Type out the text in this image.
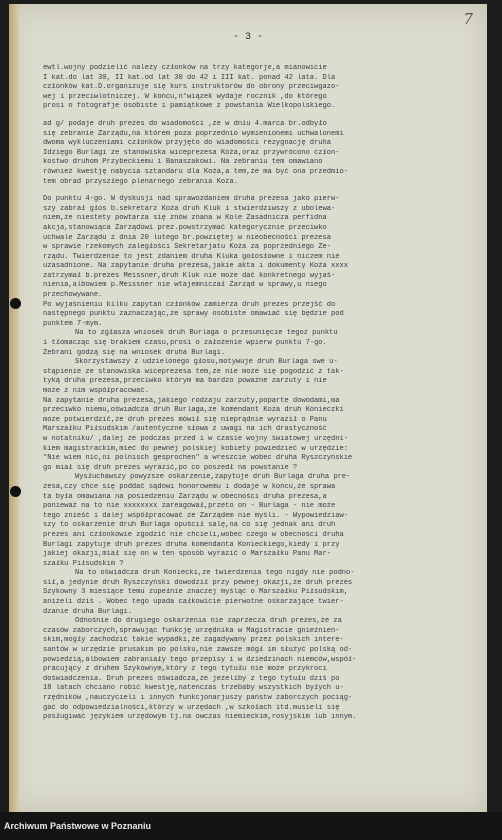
- 3 -
7
ewtl.wojny podzielić należy członków na trzy kategorje,a mianowicie
I kat.do lat 30, II kat.od lat 30 do 42 i III kat. ponad 42 lata. Dla
członków kat.D.organizuje się kurs instruktorów do obrony przeciwgazo-
wej i przeciwlotniczej. W końcu,n°wiązek wydaje rocznik ,do którego
prosi o fotografje osobiste i pamiątkowe z powstania Wielkopolskiego.
ad g/ podaje druh prezes do wiadomości ,że w dniu 4.marca br.odbyło
się zebranie Zarządu,na którem poza poprzednio wymienionemi uchwalonemi
dwoma wykluczeniami członków przyjęto do wiadomości rezygnację druha
Idzięgo Burlagi ze stanowiska wiceprezesa Koźa,oraz przywrócono człon-
kostwo druhom Przybeckiemu i Banaszakowi. Na zebraniu tem omawiano
również kwestję nabycia sztandaru dla Koźa,a tem,że ma być ona przedmio-
tem obrad przyszłego plenarnego zebrania Koźa.
Do punktu 4-go. W dyskusji nad sprawozdaniem druha prezesa jako pierw-
szy zabrał głos b.sekretarz Koźa druh Kluk i stwierdziwszy z ubolewa-
niem,że niestety powtarza się znów znana w Kole Zasadnicza perfidna
akcja,stanowiąca Zarządowi prez.powstrzymać kategorycznie przeciwko
uchwale Zarządu z dnia 20 lutego br.powziętej w nieobecności prezesa
w sprawie rzekomych zaległości Sekretarjatu Koźa za poprzedniego Ze-
rządu. Twierdzenie to jest zdaniem druha Kluka gołosłowne i niczem nie
uzasadnione. Na zapytanie druha prezesa,jakie akta i dokumenty Koźa xxxx
zatrzymał b.prezes Meissner,druh Kluk nie może dać konkretnego wyjaś-
nienia,albowiem p.Meissner nie wtajemniczał Zarząd w sprawy,u niego
przechowywane.
Po wyjaśnieniu kilku zapytań członków zamierza druh prezes przejść do
następnego punktu zaznaczając,że sprawy osobiste omawiać się będzie pod
punktem 7-mym.
Na to zgłasza wniosek druh Burlaga o przesunięcie tegoż punktu
i tłomacząc się brakiem czasu,prosi o założenie wpierw punktu 7-go.
Zebrani godzą się na wniosek druha Burlagi.
Skorzystawszy z udzielonego głosu,motywuje druh Burlaga swe u-
stąpienie ze stanowiska wiceprezesa tem,że nie może się pogodzić z tak-
tyką druha prezesa,przeciwko którym ma bardzo poważne zarzuty i nie
może z nim współpracować.
Na zapytanie druha prezesa,jakiego rodzaju zarzuty,poparte dowodami,ma
przeciwko niemu,oświadcza druh Burlaga,że komendant Koźa druh Konieczki
może potwierdzić,że druh prezes mówił się nieprądnie wyraził o Panu
Marszałku Piłsudskim /autentyczne słowa z uwagi na ich drastyczność
w notatniku/ ,dalej że podczas przed i w czasie wojny światowej urzędni-
kiem magistrackim,mieć do pewnej polskiej kobiety powiedzieć w urzędzie:
"Nie wiem nic,ni polnisch gesprochen" a wreszcie wobec druha Ryszczyńskie
go miał się druh prezes wyrazić,po co poszedł na powstanie ?
Wysłuchawszy powyższe oskarżenie,zapytuje druh Burlaga druha pre-
zesa,czy chce się poddać sądowi honorowemu i dodaje w końcu,że sprawa
ta była omawiana na posiedzeniu Zarządu w obecności druha prezesa,a
ponieważ na to nie xxxxxxxx zareagował,przeto on - Burlaga - nie może
tego znieść i dalej współpracować ze Zarządem nie myśli. - Wypowiedziaw-
szy to oskarżenie druh Burlaga opuścił salę,na co się jednak ani druh
prezes ani członkowie zgodzić nie chcieli,wobec czego w obecności druha
Burlagi zapytuje druh prezes druha komendanta Konieckiego,kiedy i przy
jakiej okazji,miał się on w ten sposób wyrazić o Marszałku Panu Mar-
szałku Piłsudskim ?
Na to oświadcza druh Koniecki,że twierdzenia tego nigdy nie podno-
sił,a jedynie druh Ryszczyński dowodził przy pewnej okazji,że druh prezes
Szykowny 3 miesiące temu zupełnie znaczej myśląc o Marszałku Piłsudskim,
aniżeli dziś . Wobec tego upada całkowicie pierwotne oskarżające twier-
dzanie druha Burlagi.
Odnośnie do drugiego oskarżenia nie zaprzecza druh prezes,że za
czasów zaborczych,sprawując funkcję urzędnika w Magistracie gnieźnień-
skim,mogły zachodzić takie wypadki,że zagadywany przez polskich intere-
santów w urzędzie prusakim po polsku,nie zawsze mógł im służyć polską od-
powiedzią,albowiem zabraniały tego przepisy i w dziedzinach niemców,współ-
pracujący z druhem Szykownym,który z tego tytułu nie może przykroci
doświadczenia. Druh prezes oświadcza,że jeżeliby z tego tytułu dziś po
18 latach chciano robić kwestję,natenczas trzebaby wszystkich byłych u-
rzędników ,nauczycieli i innych funkcjonarjuszy państw zaborczych pociąg-
gać do odpowiedzialności,którzy w urzędach ,w szkołach itd.musieli się
posługiwać językiem urzędowym tj.na owczas niemieckim,rosyjskim lub innym.
Archiwum Państwowe w Poznaniu
